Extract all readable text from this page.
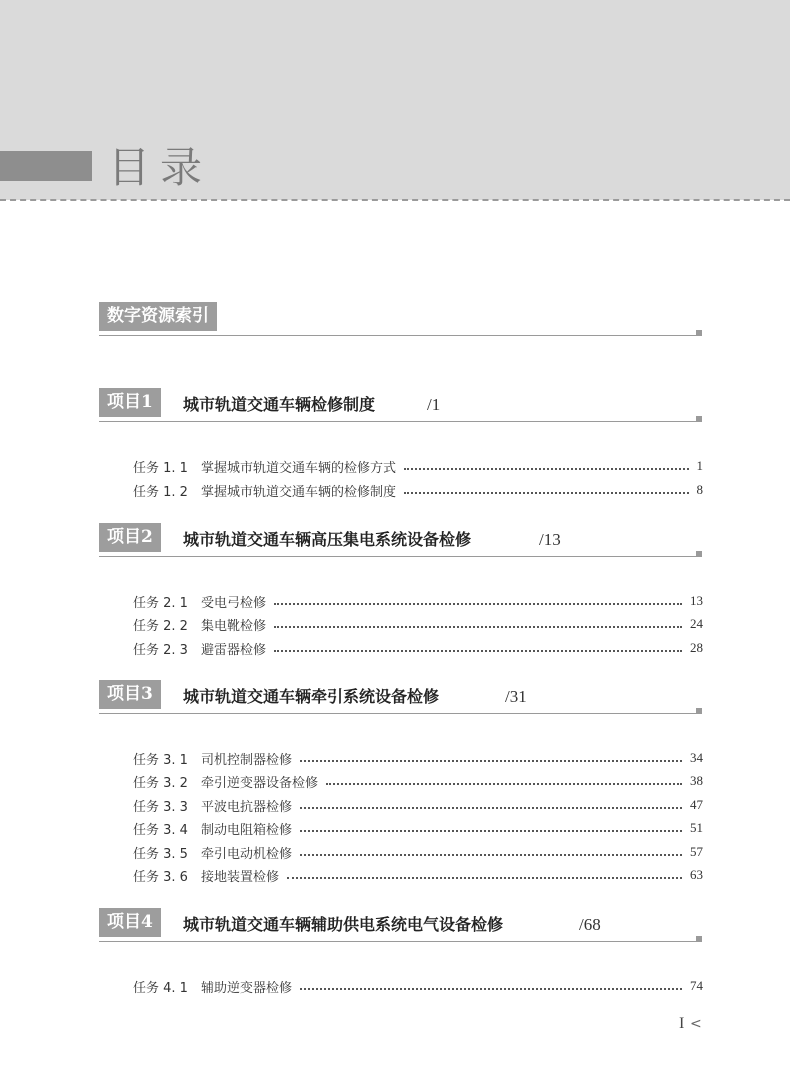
目录
数字资源索引
项目1	城市轨道交通车辆检修制度	/1
任务 1. 1	掌握城市轨道交通车辆的检修方式	1
任务 1. 2	掌握城市轨道交通车辆的检修制度	8
项目2	城市轨道交通车辆高压集电系统设备检修	/13
任务 2. 1	受电弓检修	13
任务 2. 2	集电靴检修	24
任务 2. 3	避雷器检修	28
项目3	城市轨道交通车辆牵引系统设备检修	/31
任务 3. 1	司机控制器检修	34
任务 3. 2	牵引逆变器设备检修	38
任务 3. 3	平波电抗器检修	47
任务 3. 4	制动电阻箱检修	51
任务 3. 5	牵引电动机检修	57
任务 3. 6	接地装置检修	63
项目4	城市轨道交通车辆辅助供电系统电气设备检修	/68
任务 4. 1	辅助逆变器检修	74
I <
